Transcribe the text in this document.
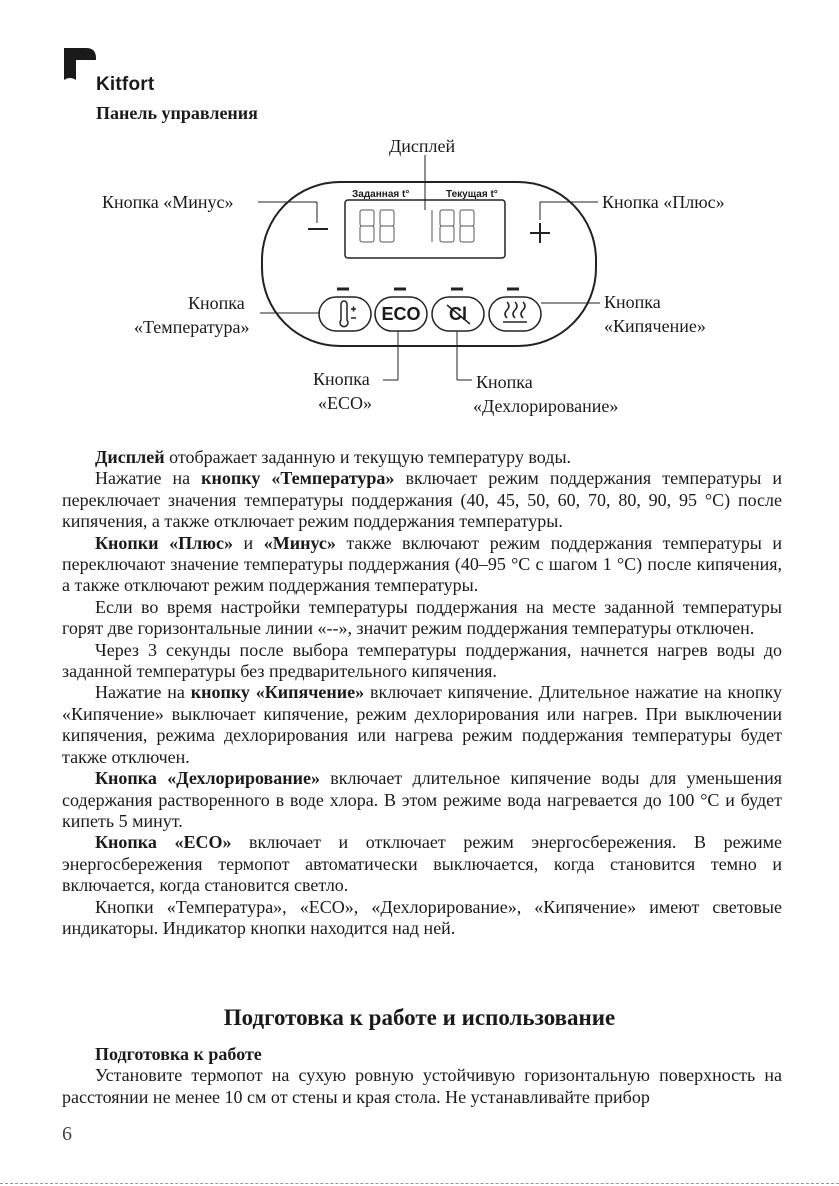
Kitfort
Панель управления
Заданная t°	Текущая t°
ECO	Cl
Дисплей
Кнопка «Минус»	Кнопка «Плюс»
Кнопка
«Температура»
Кнопка
«Кипячение»
Кнопка
«ECO»
Кнопка
«Дехлорирование»

Дисплей отображает заданную и текущую температуру воды.

Нажатие на кнопку «Температура» включает режим поддержания температуры и переключает значения температуры поддержания (40, 45, 50, 60, 70, 80, 90, 95 °С) после кипячения, а также отключает режим поддержания температуры.

Кнопки «Плюс» и «Минус» также включают режим поддержания температуры и переключают значение температуры поддержания (40–95 °С с шагом 1 °С) после кипячения, а также отключают режим поддержания температуры.

Если во время настройки температуры поддержания на месте заданной температуры горят две горизонтальные линии «--», значит режим поддержания температуры отключен.

Через 3 секунды после выбора температуры поддержания, начнется нагрев воды до заданной температуры без предварительного кипячения.

Нажатие на кнопку «Кипячение» включает кипячение. Длительное нажатие на кнопку «Кипячение» выключает кипячение, режим дехлорирования или нагрев. При выключении кипячения, режима дехлорирования или нагрева режим поддержания температуры будет также отключен.

Кнопка «Дехлорирование» включает длительное кипячение воды для уменьшения содержания растворенного в воде хлора. В этом режиме вода нагревается до 100 °С и будет кипеть 5 минут.

Кнопка «ECO» включает и отключает режим энергосбережения. В режиме энергосбережения термопот автоматически выключается, когда становится темно и включается, когда становится светло.

Кнопки «Температура», «ECO», «Дехлорирование», «Кипячение» имеют световые индикаторы. Индикатор кнопки находится над ней.

Подготовка к работе и использование

Подготовка к работе

Установите термопот на сухую ровную устойчивую горизонтальную поверхность на расстоянии не менее 10 см от стены и края стола. Не устанавливайте прибор

6
